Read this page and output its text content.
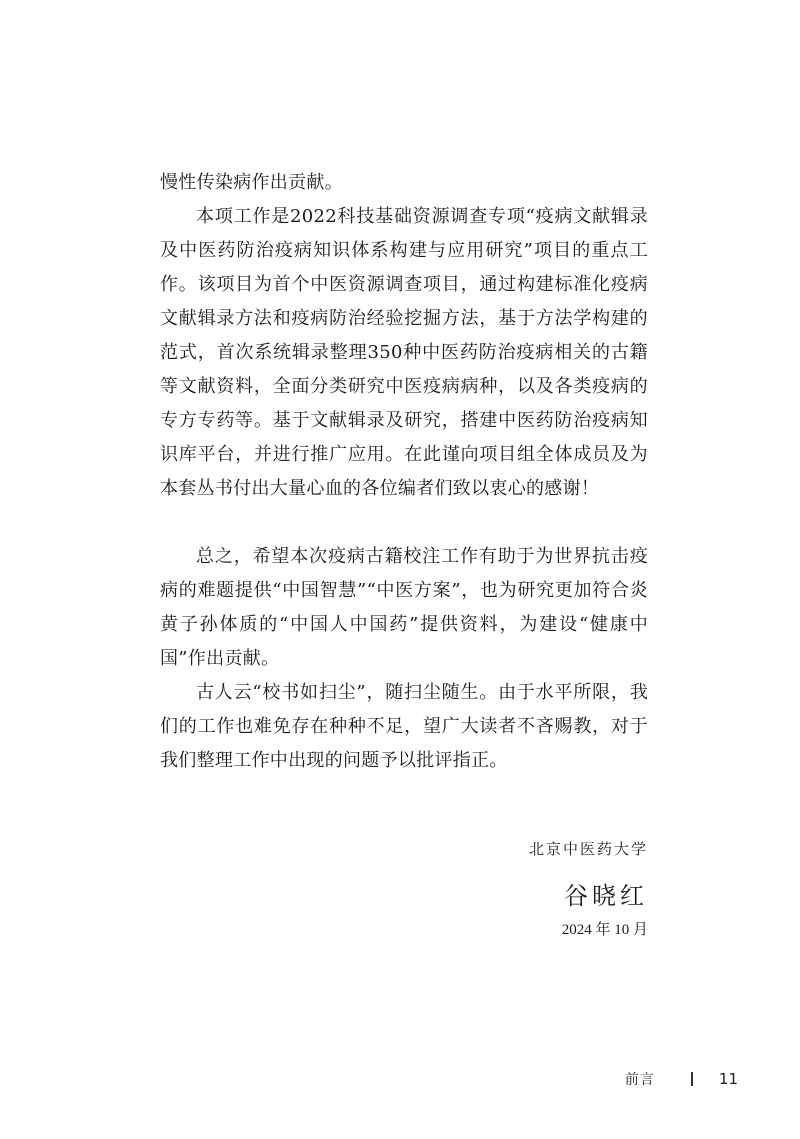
慢性传染病作出贡献。

本项工作是2022科技基础资源调查专项“疫病文献辑录及中医药防治疫病知识体系构建与应用研究”项目的重点工作。该项目为首个中医资源调查项目，通过构建标准化疫病文献辑录方法和疫病防治经验挖掘方法，基于方法学构建的范式，首次系统辑录整理350种中医药防治疫病相关的古籍等文献资料，全面分类研究中医疫病病种，以及各类疫病的专方专药等。基于文献辑录及研究，搭建中医药防治疫病知识库平台，并进行推广应用。在此谨向项目组全体成员及为本套丛书付出大量心血的各位编者们致以衷心的感谢！

总之，希望本次疫病古籍校注工作有助于为世界抗击疫病的难题提供“中国智慧”“中医方案”，也为研究更加符合炎黄子孙体质的“中国人中国药”提供资料，为建设“健康中国”作出贡献。

古人云“校书如扫尘”，随扫尘随生。由于水平所限，我们的工作也难免存在种种不足，望广大读者不吝赐教，对于我们整理工作中出现的问题予以批评指正。

北京中医药大学

谷晓红

2024 年 10 月

前言	11
